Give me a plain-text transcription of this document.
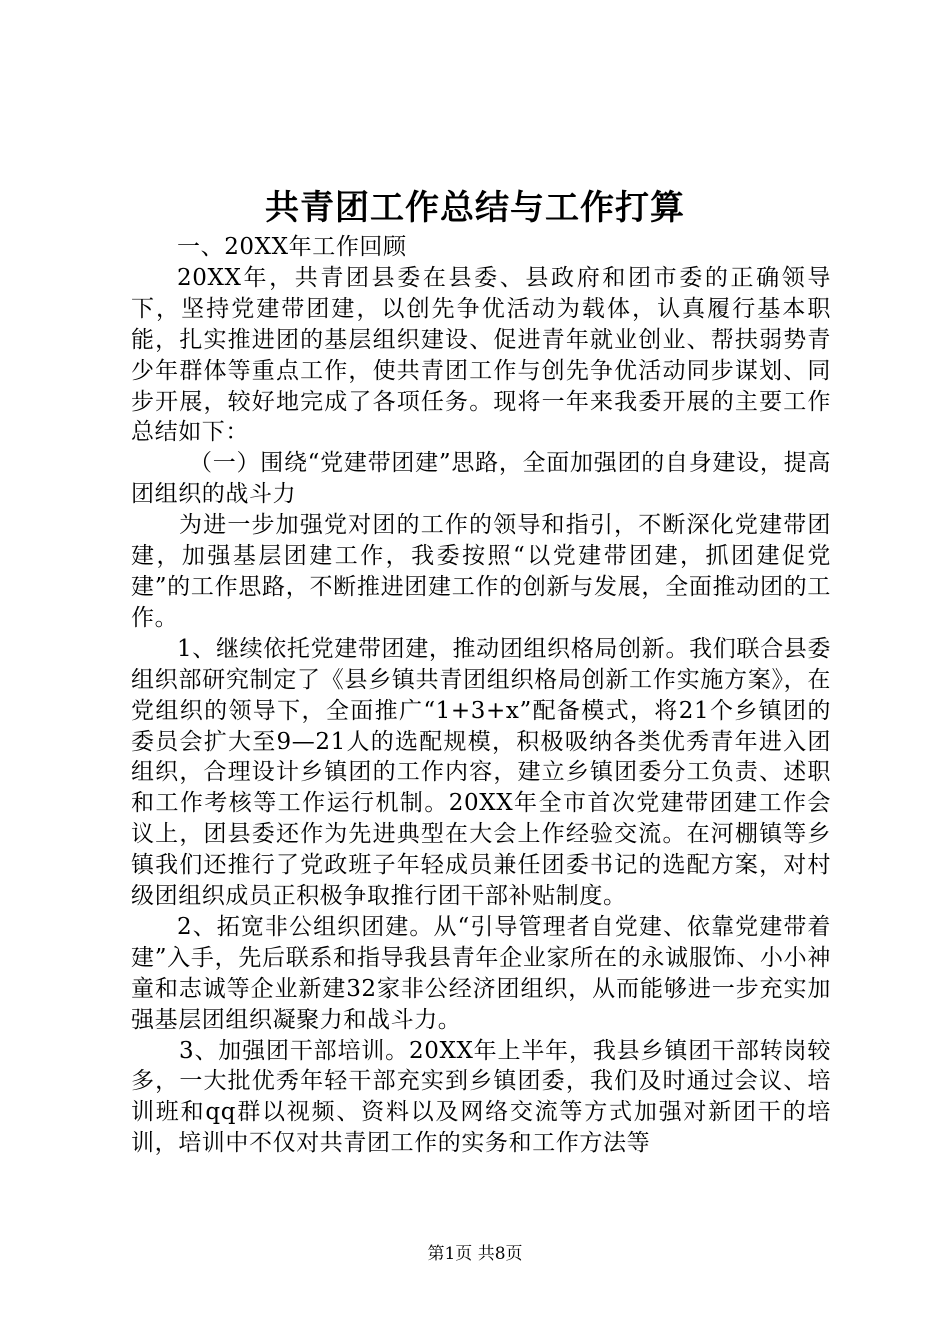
共青团工作总结与工作打算

一、20XX年工作回顾

20XX年，共青团县委在县委、县政府和团市委的正确领导下，坚持党建带团建，以创先争优活动为载体，认真履行基本职能，扎实推进团的基层组织建设、促进青年就业创业、帮扶弱势青少年群体等重点工作，使共青团工作与创先争优活动同步谋划、同步开展，较好地完成了各项任务。现将一年来我委开展的主要工作总结如下：

（一）围绕“党建带团建”思路，全面加强团的自身建设，提高团组织的战斗力

为进一步加强党对团的工作的领导和指引，不断深化党建带团建，加强基层团建工作，我委按照“以党建带团建，抓团建促党建”的工作思路，不断推进团建工作的创新与发展，全面推动团的工作。

1、继续依托党建带团建，推动团组织格局创新。我们联合县委组织部研究制定了《县乡镇共青团组织格局创新工作实施方案》，在党组织的领导下，全面推广“1+3+x”配备模式，将21个乡镇团的委员会扩大至9—21人的选配规模，积极吸纳各类优秀青年进入团组织，合理设计乡镇团的工作内容，建立乡镇团委分工负责、述职和工作考核等工作运行机制。20XX年全市首次党建带团建工作会议上，团县委还作为先进典型在大会上作经验交流。在河棚镇等乡镇我们还推行了党政班子年轻成员兼任团委书记的选配方案，对村级团组织成员正积极争取推行团干部补贴制度。

2、拓宽非公组织团建。从“引导管理者自党建、依靠党建带着建”入手，先后联系和指导我县青年企业家所在的永诚服饰、小小神童和志诚等企业新建32家非公经济团组织，从而能够进一步充实加强基层团组织凝聚力和战斗力。

3、加强团干部培训。20XX年上半年，我县乡镇团干部转岗较多，一大批优秀年轻干部充实到乡镇团委，我们及时通过会议、培训班和qq群以视频、资料以及网络交流等方式加强对新团干的培训，培训中不仅对共青团工作的实务和工作方法等

第1页 共8页
